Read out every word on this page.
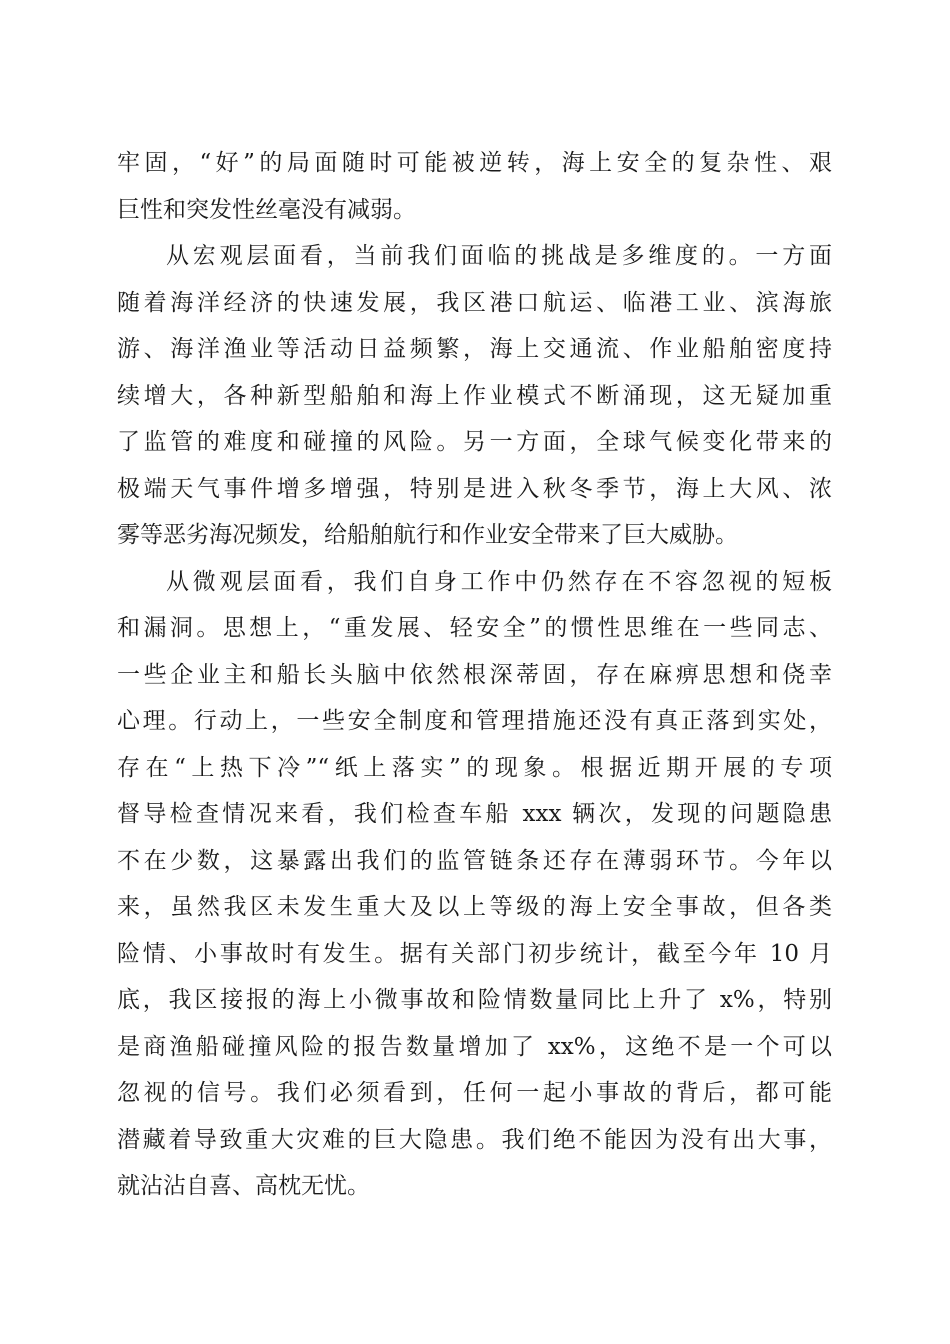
牢固，“好”的局面随时可能被逆转，海上安全的复杂性、艰
巨性和突发性丝毫没有减弱。
从宏观层面看，当前我们面临的挑战是多维度的。一方面
随着海洋经济的快速发展，我区港口航运、临港工业、滨海旅
游、海洋渔业等活动日益频繁，海上交通流、作业船舶密度持
续增大，各种新型船舶和海上作业模式不断涌现，这无疑加重
了监管的难度和碰撞的风险。另一方面，全球气候变化带来的
极端天气事件增多增强，特别是进入秋冬季节，海上大风、浓
雾等恶劣海况频发，给船舶航行和作业安全带来了巨大威胁。
从微观层面看，我们自身工作中仍然存在不容忽视的短板
和漏洞。思想上，“重发展、轻安全”的惯性思维在一些同志、
一些企业主和船长头脑中依然根深蒂固，存在麻痹思想和侥幸
心理。行动上，一些安全制度和管理措施还没有真正落到实处，
存在“上热下冷”“纸上落实”的现象。根据近期开展的专项
督导检查情况来看，我们检查车船 xxx 辆次，发现的问题隐患
不在少数，这暴露出我们的监管链条还存在薄弱环节。今年以
来，虽然我区未发生重大及以上等级的海上安全事故，但各类
险情、小事故时有发生。据有关部门初步统计，截至今年 10 月
底，我区接报的海上小微事故和险情数量同比上升了 x%，特别
是商渔船碰撞风险的报告数量增加了 xx%，这绝不是一个可以
忽视的信号。我们必须看到，任何一起小事故的背后，都可能
潜藏着导致重大灾难的巨大隐患。我们绝不能因为没有出大事，
就沾沾自喜、高枕无忧。
